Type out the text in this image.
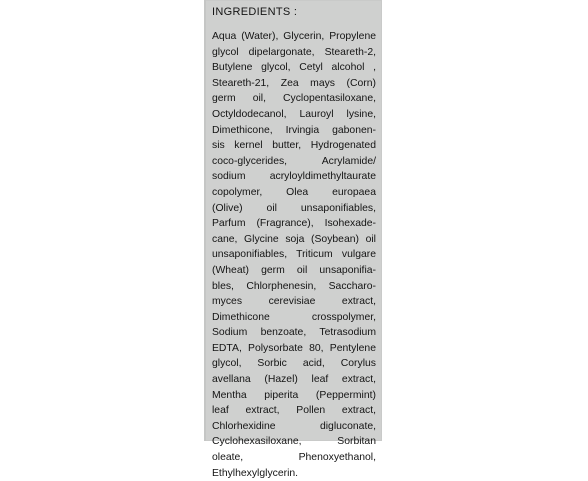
INGREDIENTS :
Aqua (Water), Glycerin, Propylene
glycol dipelargonate, Steareth-2,
Butylene glycol, Cetyl alcohol ,
Steareth-21, Zea mays (Corn)
germ oil, Cyclopentasiloxane,
Octyldodecanol, Lauroyl lysine,
Dimethicone, Irvingia gabonen-
sis kernel butter, Hydrogenated
coco-glycerides, Acrylamide/
sodium acryloyldimethyltaurate
copolymer, Olea europaea
(Olive) oil unsaponifiables,
Parfum (Fragrance), Isohexade-
cane, Glycine soja (Soybean) oil
unsaponifiables, Triticum vulgare
(Wheat) germ oil unsaponifia-
bles, Chlorphenesin, Saccharo-
myces cerevisiae extract,
Dimethicone crosspolymer,
Sodium benzoate, Tetrasodium
EDTA, Polysorbate 80, Pentylene
glycol, Sorbic acid, Corylus
avellana (Hazel) leaf extract,
Mentha piperita (Peppermint)
leaf extract, Pollen extract,
Chlorhexidine digluconate,
Cyclohexasiloxane, Sorbitan
oleate, Phenoxyethanol,
Ethylhexylglycerin.
